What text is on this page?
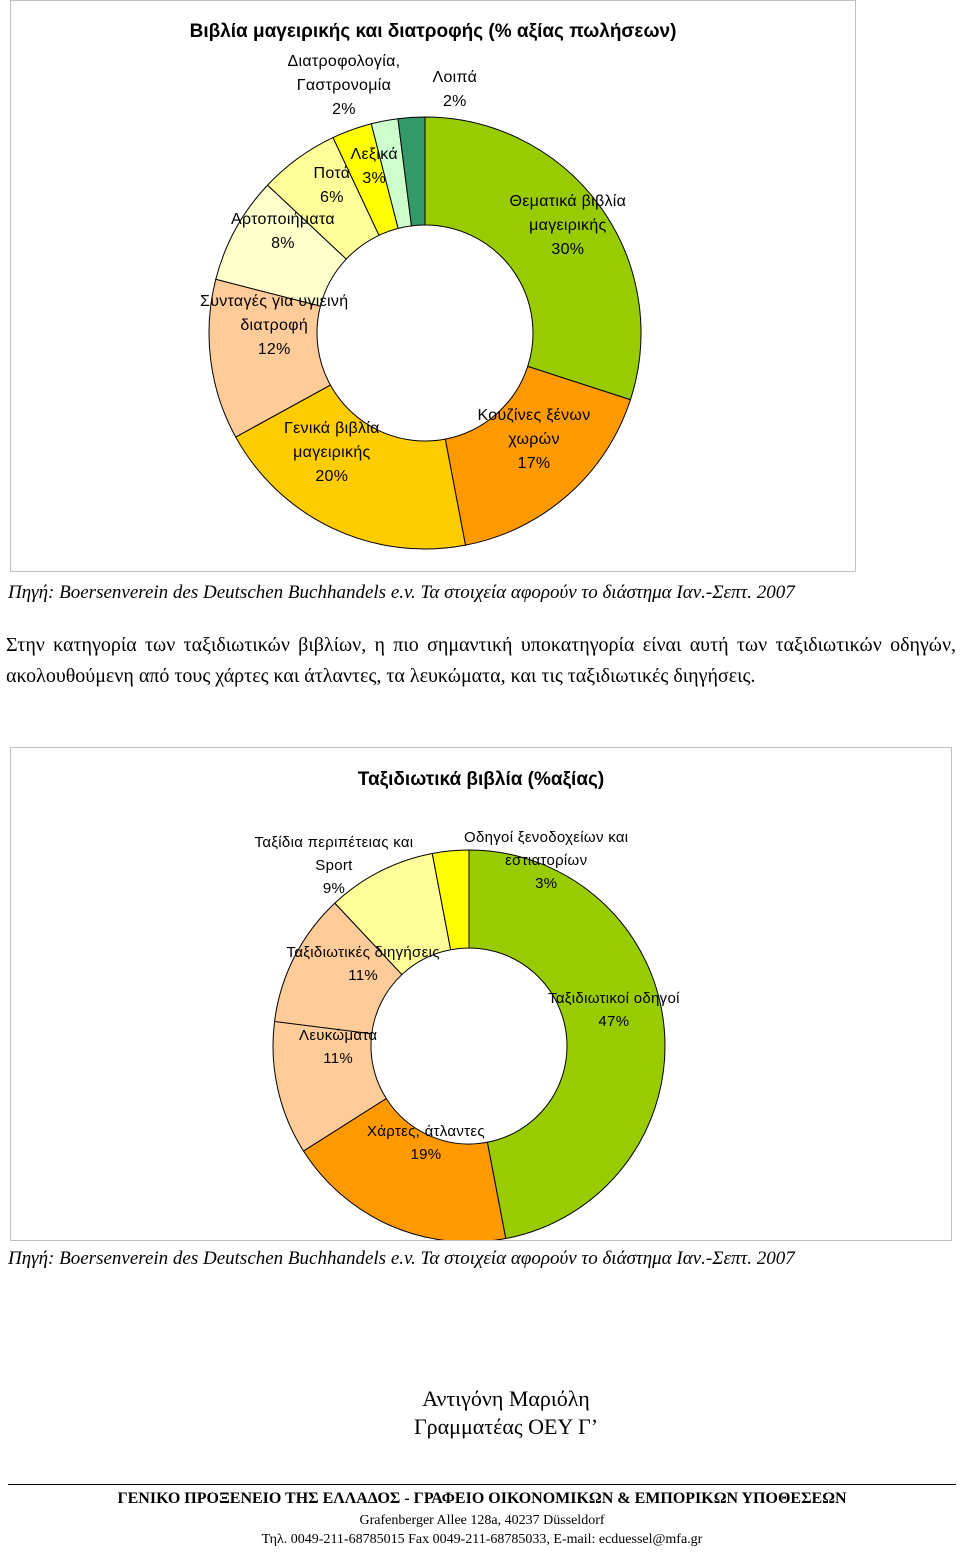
Βιβλία μαγειρικής και διατροφής (% αξίας πωλήσεων)
Πηγή: Boersenverein des Deutschen Buchhandels e.v. Τα στοιχεία αφορούν το διάστημα Ιαν.-Σεπτ. 2007
Στην κατηγορία των ταξιδιωτικών βιβλίων, η πιο σημαντική υποκατηγορία είναι αυτή των ταξιδιωτικών οδηγών, ακολουθούμενη από τους χάρτες και άτλαντες, τα λευκώματα, και τις ταξιδιωτικές διηγήσεις.
Ταξιδιωτικά βιβλία (%αξίας)
Πηγή: Boersenverein des Deutschen Buchhandels e.v. Τα στοιχεία αφορούν το διάστημα Ιαν.-Σεπτ. 2007
Αντιγόνη Μαριόλη
Γραμματέας ΟΕΥ Γ’
ΓΕΝΙΚΟ ΠΡΟΞΕΝΕΙΟ ΤΗΣ ΕΛΛΑΔΟΣ - ΓΡΑΦΕΙΟ ΟΙΚΟΝΟΜΙΚΩΝ & ΕΜΠΟΡΙΚΩΝ ΥΠΟΘΕΣΕΩΝ
Grafenberger Allee 128a, 40237 Düsseldorf
Τηλ. 0049-211-68785015 Fax 0049-211-68785033, E-mail: ecduessel@mfa.gr
Θεματικά βιβλία
μαγειρικής
30%
Κουζίνες ξένων
χωρών
17%
Γενικά βιβλία
μαγειρικής
20%
Συνταγές για υγιεινή
διατροφή
12%
Αρτοποιήματα
8%
Ποτά
6%
Λεξικά
3%
Διατροφολογία,
Γαστρονομία
2%
Λοιπά
2%
Ταξιδιωτικοί οδηγοί
47%
Χάρτες, άτλαντες
19%
Λευκώματα
11%
Ταξιδιωτικές διηγήσεις
11%
Ταξίδια περιπέτειας και
Sport
9%
Οδηγοί ξενοδοχείων και
εστιατορίων
3%
